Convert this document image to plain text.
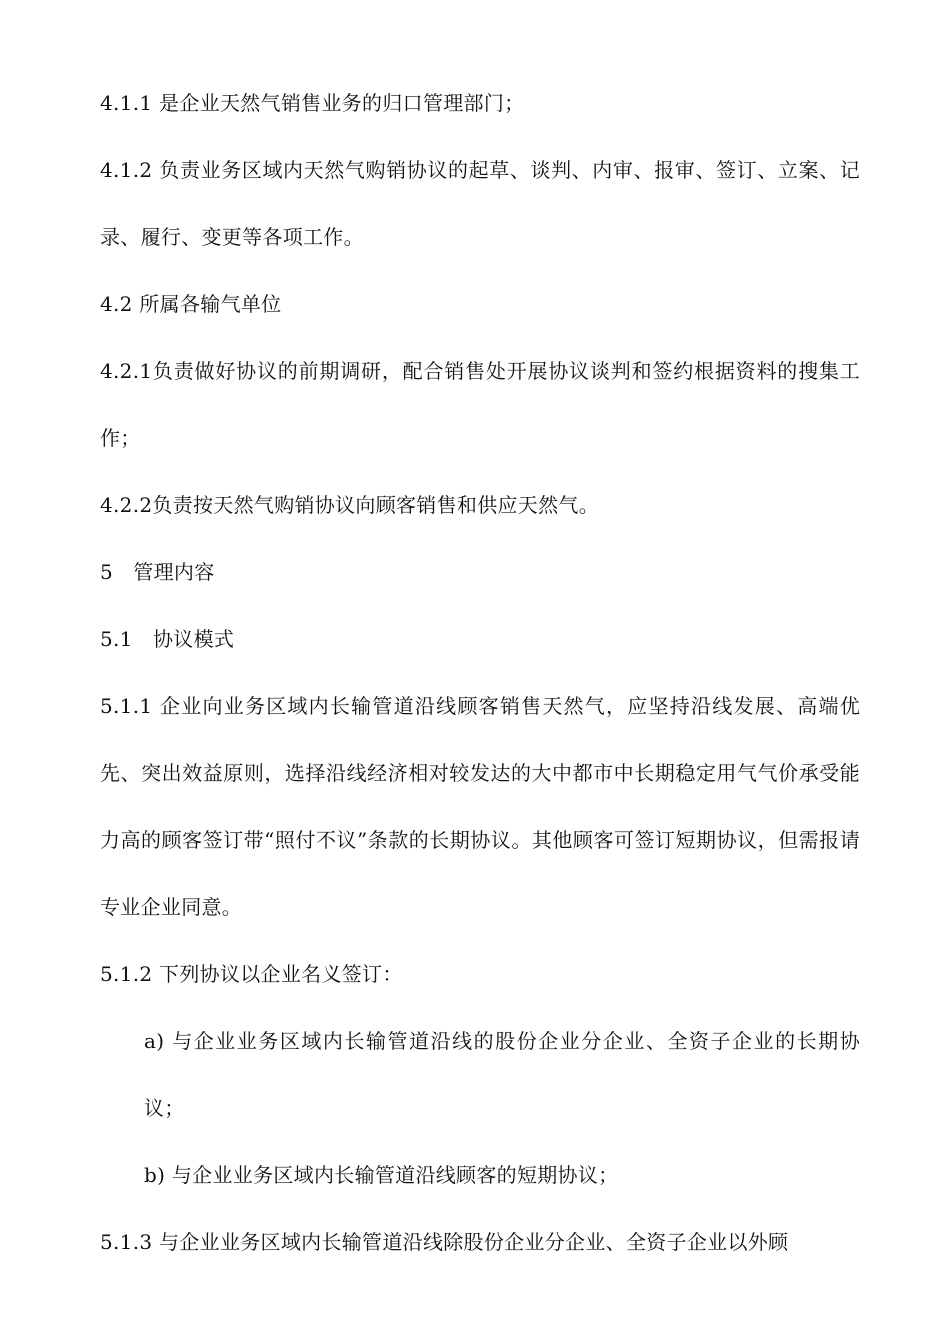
4.1.1 是企业天然气销售业务的归口管理部门；

4.1.2 负责业务区域内天然气购销协议的起草、谈判、内审、报审、签订、立案、记录、履行、变更等各项工作。

4.2 所属各输气单位

4.2.1负责做好协议的前期调研，配合销售处开展协议谈判和签约根据资料的搜集工作；

4.2.2负责按天然气购销协议向顾客销售和供应天然气。

5　管理内容

5.1　协议模式

5.1.1 企业向业务区域内长输管道沿线顾客销售天然气，应坚持沿线发展、高端优先、突出效益原则，选择沿线经济相对较发达的大中都市中长期稳定用气气价承受能力高的顾客签订带“照付不议”条款的长期协议。其他顾客可签订短期协议，但需报请专业企业同意。

5.1.2 下列协议以企业名义签订：

a) 与企业业务区域内长输管道沿线的股份企业分企业、全资子企业的长期协议；

b) 与企业业务区域内长输管道沿线顾客的短期协议；

5.1.3 与企业业务区域内长输管道沿线除股份企业分企业、全资子企业以外顾
